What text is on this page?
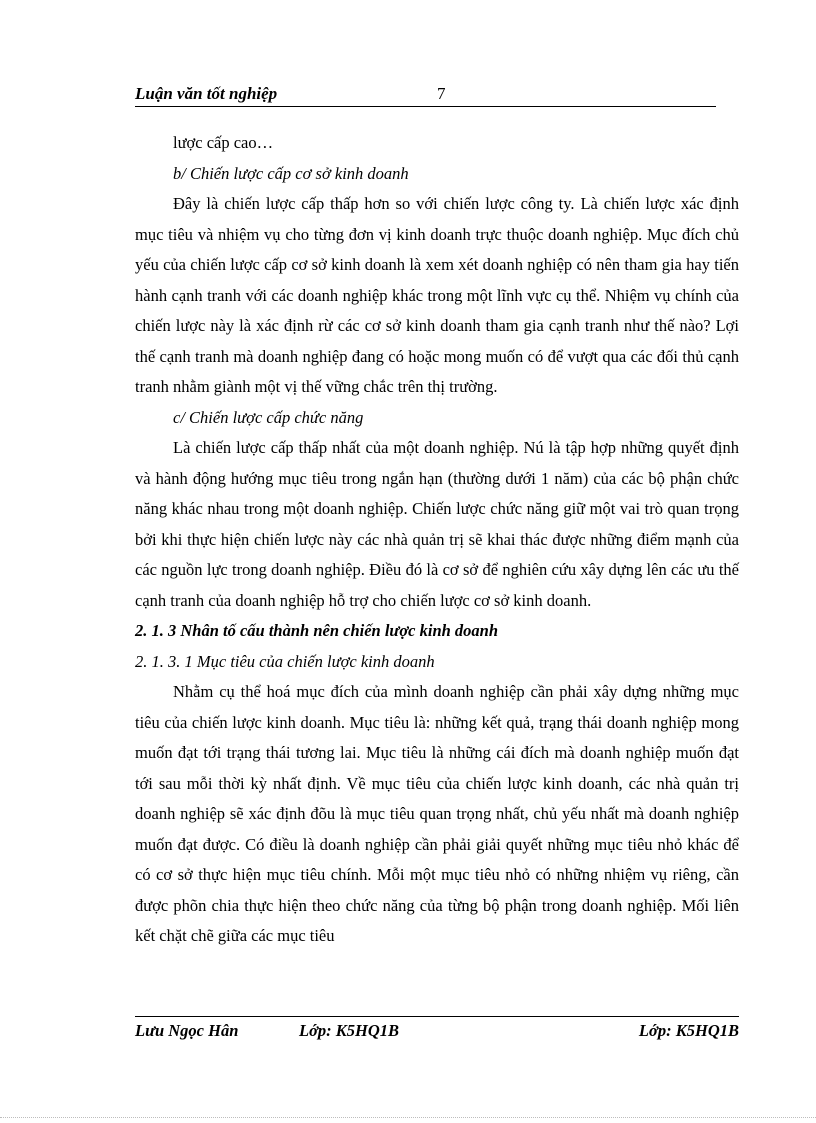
Luận văn tốt nghiệp	7

lược cấp cao…

b/ Chiến lược cấp cơ sở kinh doanh

Đây là chiến lược cấp thấp hơn so với chiến lược công ty. Là chiến lược xác định mục tiêu và nhiệm vụ cho từng đơn vị kinh doanh trực thuộc doanh nghiệp. Mục đích chủ yếu của chiến lược cấp cơ sở kinh doanh là xem xét doanh nghiệp có nên tham gia hay tiến hành cạnh tranh với các doanh nghiệp khác trong một lĩnh vực cụ thể. Nhiệm vụ chính của chiến lược này là xác định rừ các cơ sở kinh doanh tham gia cạnh tranh như thế nào? Lợi thế cạnh tranh mà doanh nghiệp đang có hoặc mong muốn có để vượt qua các đối thủ cạnh tranh nhằm giành một vị thế vững chắc trên thị trường.

c/ Chiến lược cấp chức năng

Là chiến lược cấp thấp nhất của một doanh nghiệp. Nú là tập hợp những quyết định và hành động hướng mục tiêu trong ngắn hạn (thường dưới 1 năm) của các bộ phận chức năng khác nhau trong một doanh nghiệp. Chiến lược chức năng giữ một vai trò quan trọng bởi khi thực hiện chiến lược này các nhà quản trị sẽ khai thác được những điểm mạnh của các nguồn lực trong doanh nghiệp. Điều đó là cơ sở để nghiên cứu xây dựng lên các ưu thế cạnh tranh của doanh nghiệp hỗ trợ cho chiến lược cơ sở kinh doanh.

2. 1. 3 Nhân tố cấu thành nên chiến lược kinh doanh

2. 1. 3. 1 Mục tiêu của chiến lược kinh doanh

Nhằm cụ thể hoá mục đích của mình doanh nghiệp cần phải xây dựng những mục tiêu của chiến lược kinh doanh. Mục tiêu là: những kết quả, trạng thái doanh nghiệp mong muốn đạt tới trạng thái tương lai. Mục tiêu là những cái đích mà doanh nghiệp muốn đạt tới sau mỗi thời kỳ nhất định. Về mục tiêu của chiến lược kinh doanh, các nhà quản trị doanh nghiệp sẽ xác định đõu là mục tiêu quan trọng nhất, chủ yếu nhất mà doanh nghiệp muốn đạt được. Có điều là doanh nghiệp cần phải giải quyết những mục tiêu nhỏ khác để có cơ sở thực hiện mục tiêu chính. Mỗi một mục tiêu nhỏ có những nhiệm vụ riêng, cần được phõn chia thực hiện theo chức năng của từng bộ phận trong doanh nghiệp. Mối liên kết chặt chẽ giữa các mục tiêu

Lưu Ngọc Hân	Lớp: K5HQ1B	Lớp: K5HQ1B
